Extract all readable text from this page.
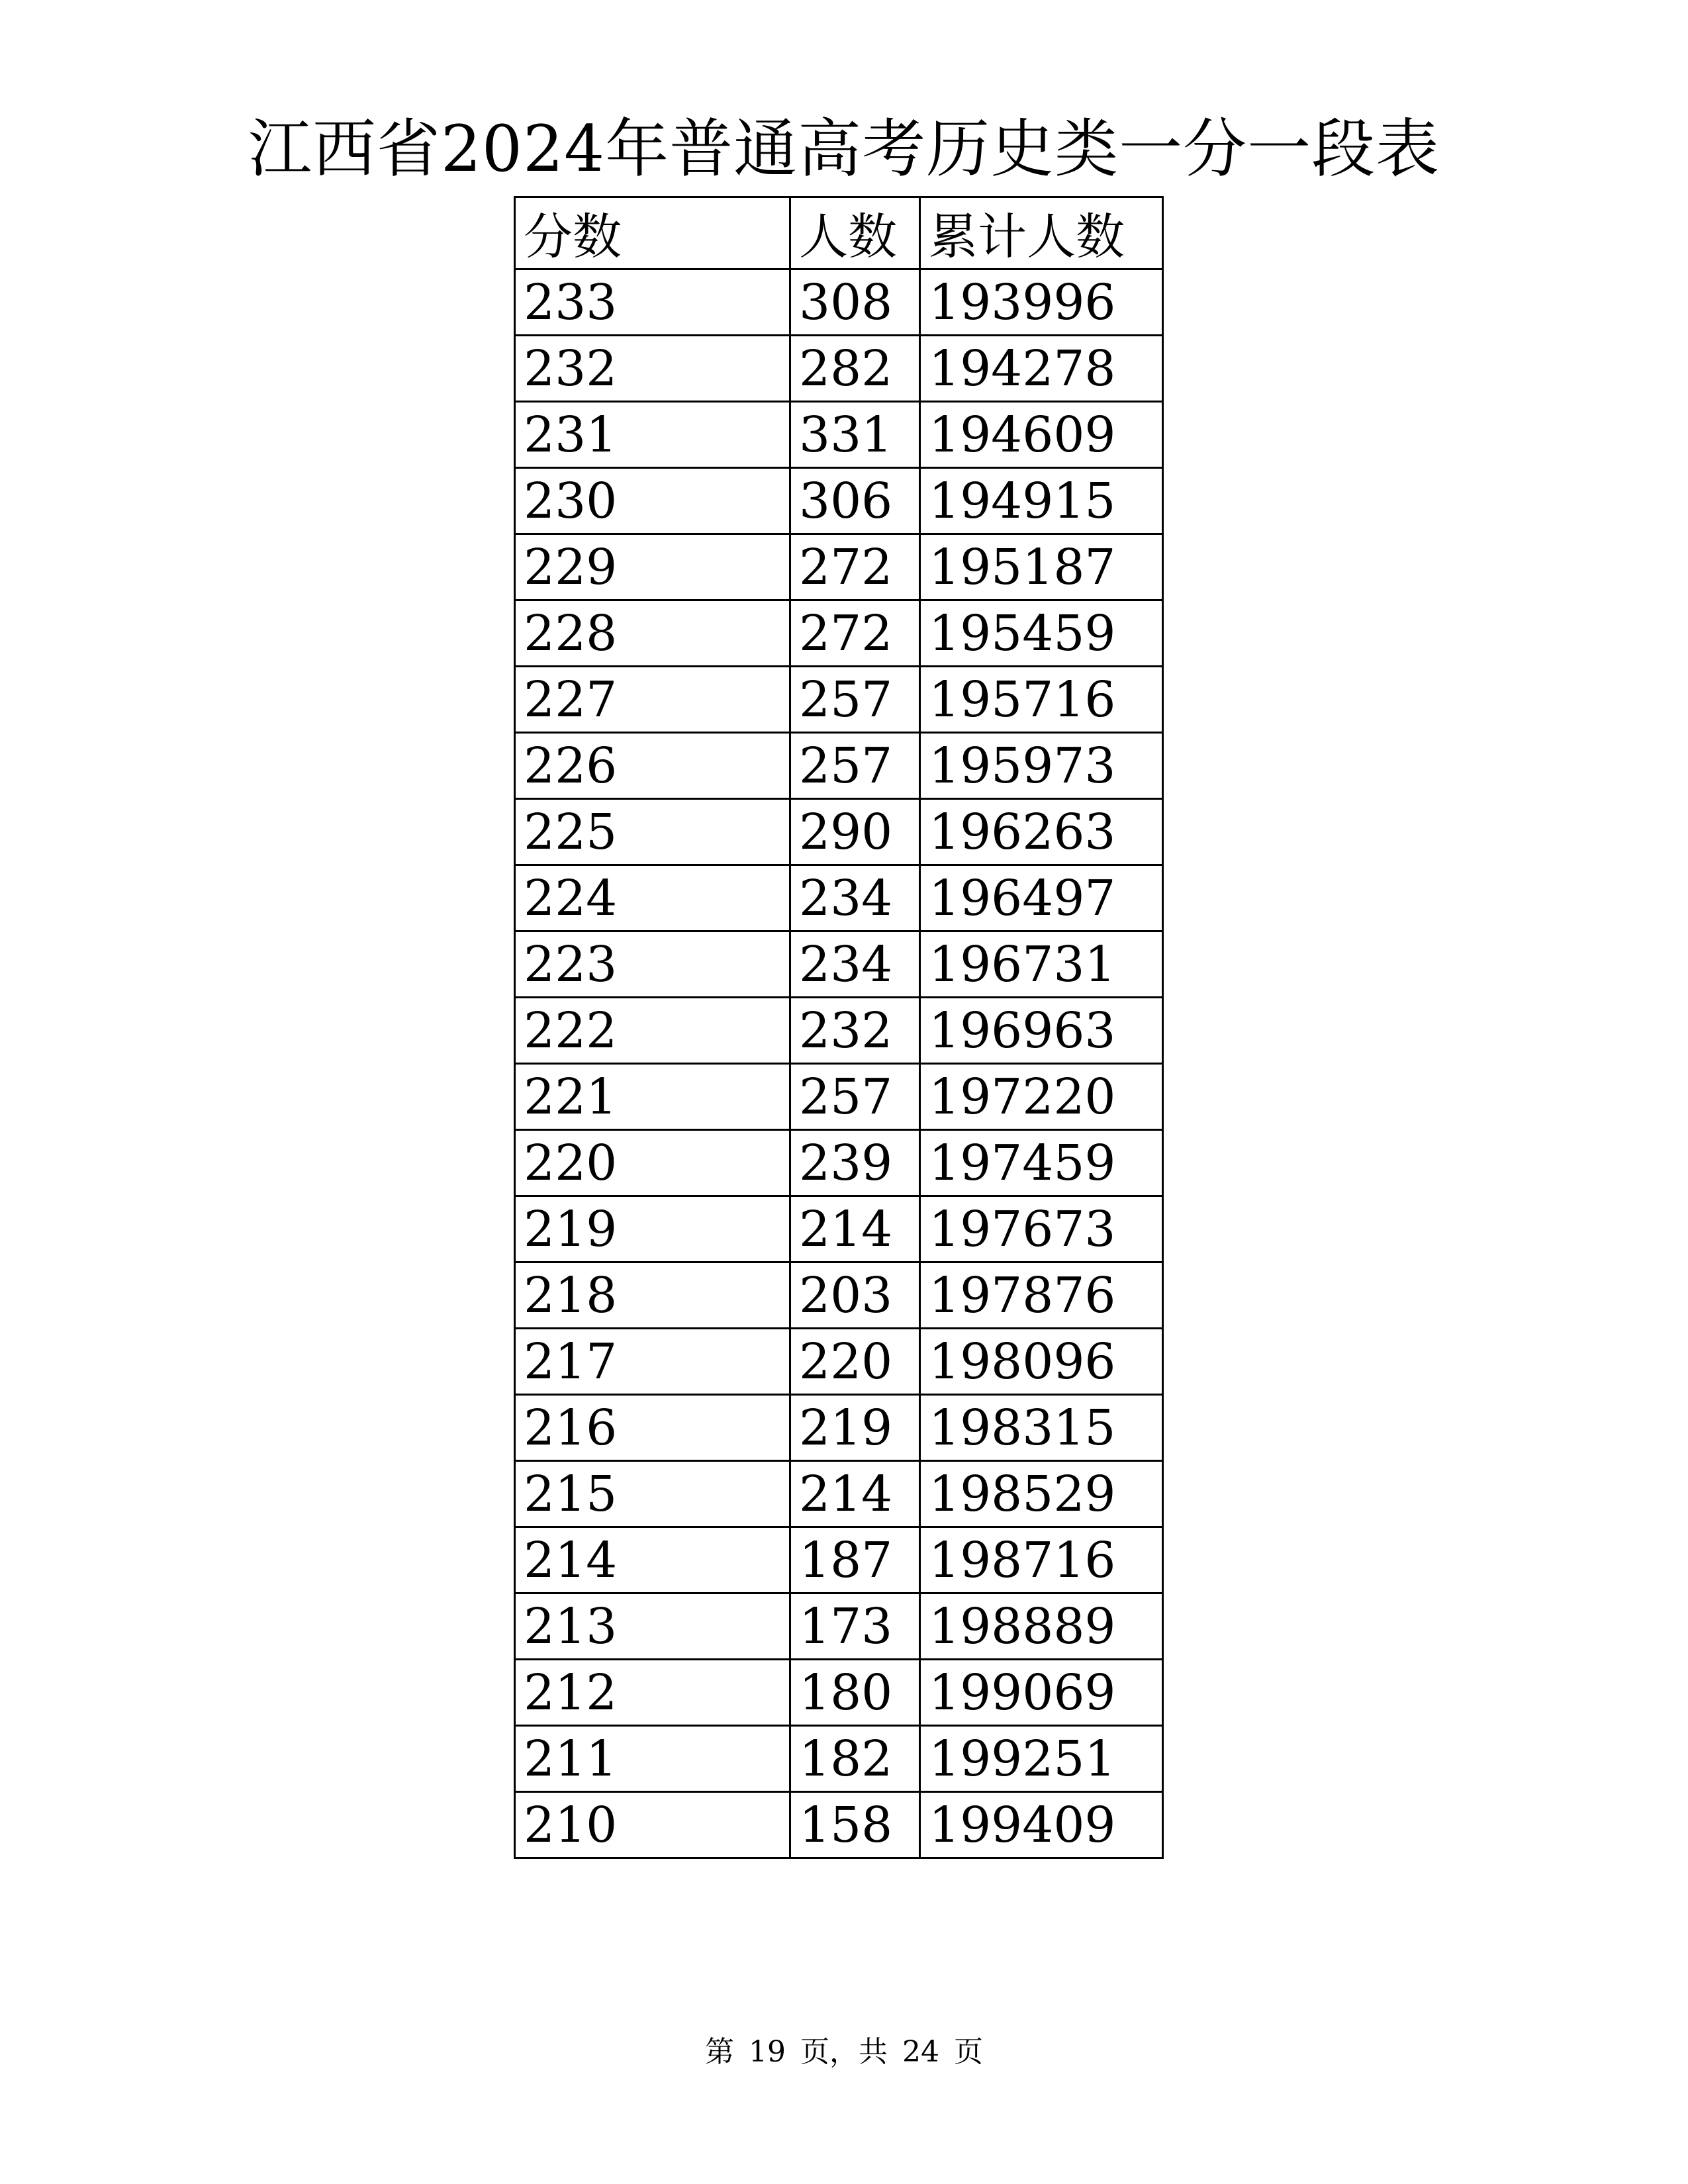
江西省2024年普通高考历史类一分一段表
分数	人数	累计人数
233	308	193996
232	282	194278
231	331	194609
230	306	194915
229	272	195187
228	272	195459
227	257	195716
226	257	195973
225	290	196263
224	234	196497
223	234	196731
222	232	196963
221	257	197220
220	239	197459
219	214	197673
218	203	197876
217	220	198096
216	219	198315
215	214	198529
214	187	198716
213	173	198889
212	180	199069
211	182	199251
210	158	199409
第 19 页，共 24 页
